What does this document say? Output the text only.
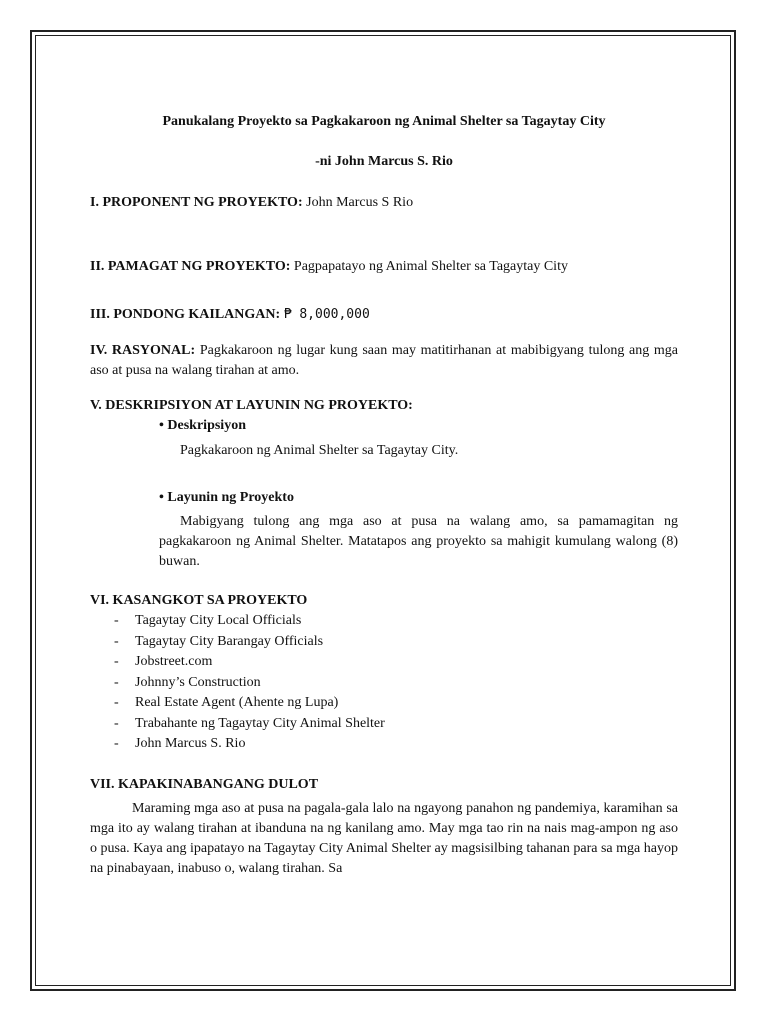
Panukalang Proyekto sa Pagkakaroon ng Animal Shelter sa Tagaytay City

-ni John Marcus S. Rio

I. PROPONENT NG PROYEKTO: John Marcus S Rio

II. PAMAGAT NG PROYEKTO: Pagpapatayo ng Animal Shelter sa Tagaytay City

III. PONDONG KAILANGAN: ₱ 8,000,000

IV. RASYONAL: Pagkakaroon ng lugar kung saan may matitirhanan at mabibigyang tulong ang mga aso at pusa na walang tirahan at amo.

V. DESKRIPSIYON AT LAYUNIN NG PROYEKTO:

• Deskripsiyon

Pagkakaroon ng Animal Shelter sa Tagaytay City.

• Layunin ng Proyekto

Mabigyang tulong ang mga aso at pusa na walang amo, sa pamamagitan ng pagkakaroon ng Animal Shelter. Matatapos ang proyekto sa mahigit kumulang walong (8) buwan.

VI. KASANGKOT SA PROYEKTO

- Tagaytay City Local Officials
- Tagaytay City Barangay Officials
- Jobstreet.com
- Johnny’s Construction
- Real Estate Agent (Ahente ng Lupa)
- Trabahante ng Tagaytay City Animal Shelter
- John Marcus S. Rio

VII. KAPAKINABANGANG DULOT

Maraming mga aso at pusa na pagala-gala lalo na ngayong panahon ng pandemiya, karamihan sa mga ito ay walang tirahan at ibanduna na ng kanilang amo. May mga tao rin na nais mag-ampon ng aso o pusa. Kaya ang ipapatayo na Tagaytay City Animal Shelter ay magsisilbing tahanan para sa mga hayop na pinabayaan, inabuso o, walang tirahan. Sa
